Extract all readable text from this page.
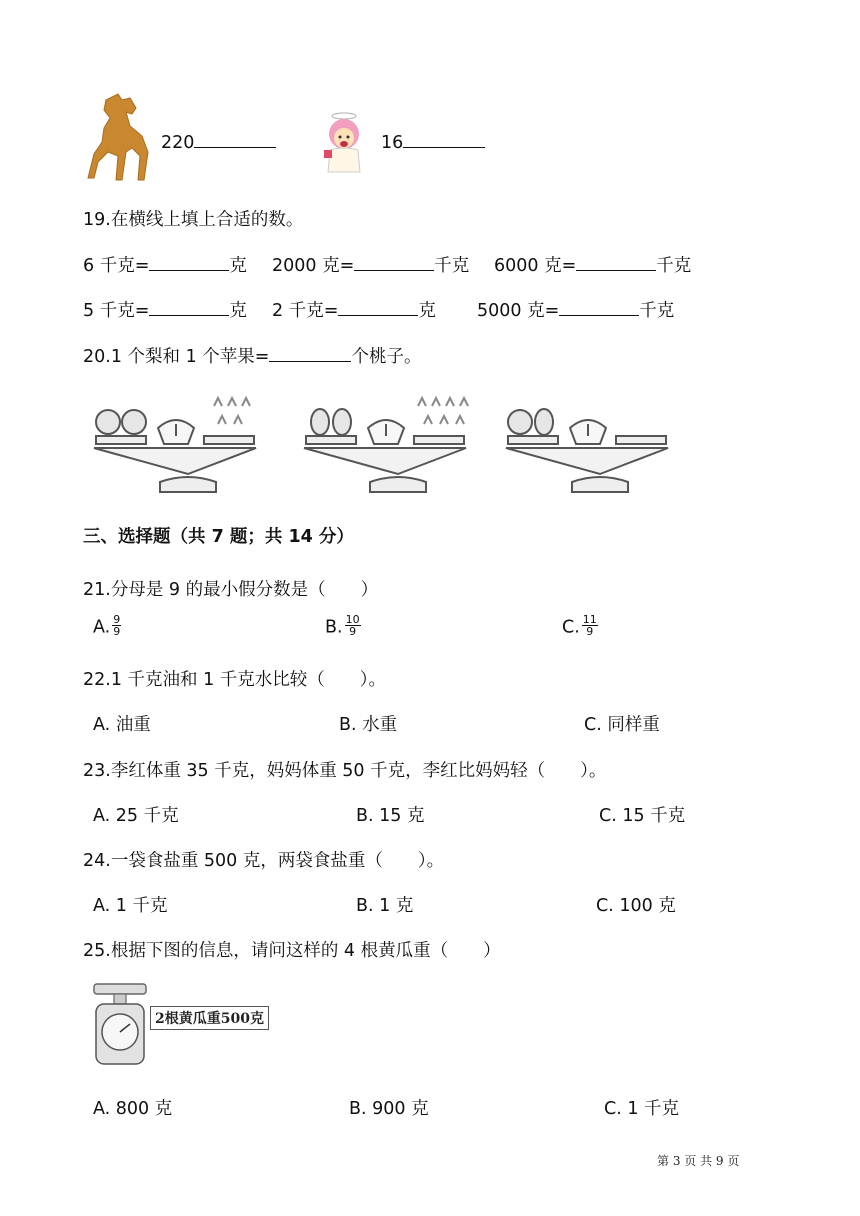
220	16
19.在横线上填上合适的数。
6 千克=	克 2000 克=	千克 6000 克=	千克
5 千克=	克 2 千克=	克 5000 克=	千克
20.1 个梨和 1 个苹果=	个桃子。
三、选择题（共 7 题；共 14 分）
21.分母是 9 的最小假分数是（　　）
A. $\frac{9}{9}$	B. $\frac{10}{9}$	C. $\frac{11}{9}$
22.1 千克油和 1 千克水比较（　　）。
A. 油重	B. 水重	C. 同样重
23.李红体重 35 千克，妈妈体重 50 千克，李红比妈妈轻（　　）。
A. 25 千克	B. 15 克	C. 15 千克
24.一袋食盐重 500 克，两袋食盐重（　　）。
A. 1 千克	B. 1 克	C. 100 克
25.根据下图的信息，请问这样的 4 根黄瓜重（　　）
2根黄瓜重500克
A. 800 克	B. 900 克	C. 1 千克
第 3 页 共 9 页
